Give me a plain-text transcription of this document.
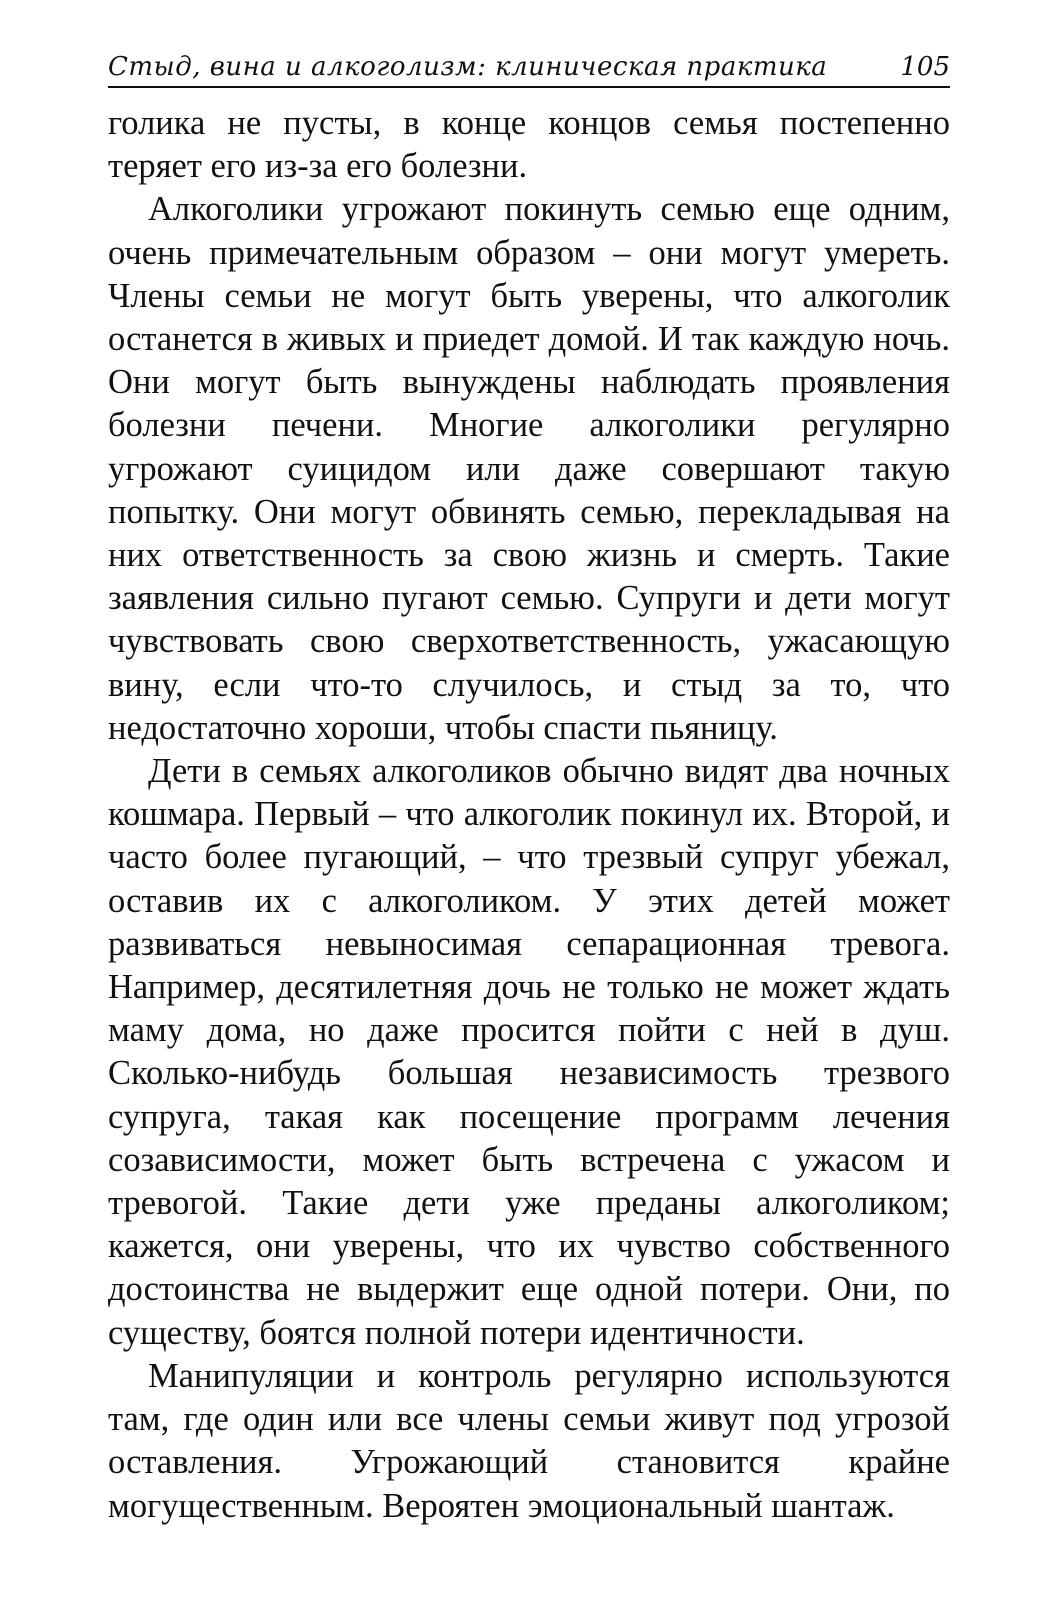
Стыд, вина и алкоголизм: клиническая практика	105

голика не пусты, в конце концов семья постепенно теряет его из-за его болезни.

Алкоголики угрожают покинуть семью еще одним, очень примечательным образом – они могут умереть. Члены семьи не могут быть уверены, что алкоголик останется в живых и приедет домой. И так каждую ночь. Они могут быть вынуждены наблюдать проявления болезни печени. Многие алкоголики регулярно угрожают суицидом или даже совершают такую попытку. Они могут обвинять семью, перекладывая на них ответственность за свою жизнь и смерть. Такие заявления сильно пугают семью. Супруги и дети могут чувствовать свою сверхответственность, ужасающую вину, если что-то случилось, и стыд за то, что недостаточно хороши, чтобы спасти пьяницу.

Дети в семьях алкоголиков обычно видят два ночных кошмара. Первый – что алкоголик покинул их. Второй, и часто более пугающий, – что трезвый супруг убежал, оставив их с алкоголиком. У этих детей может развиваться невыносимая сепарационная тревога. Например, десятилетняя дочь не только не может ждать маму дома, но даже просится пойти с ней в душ. Сколько-нибудь большая независимость трезвого супруга, такая как посещение программ лечения созависимости, может быть встречена с ужасом и тревогой. Такие дети уже преданы алкоголиком; кажется, они уверены, что их чувство собственного достоинства не выдержит еще одной потери. Они, по существу, боятся полной потери идентичности.

Манипуляции и контроль регулярно используются там, где один или все члены семьи живут под угрозой оставления. Угрожающий становится крайне могущественным. Вероятен эмоциональный шантаж.
